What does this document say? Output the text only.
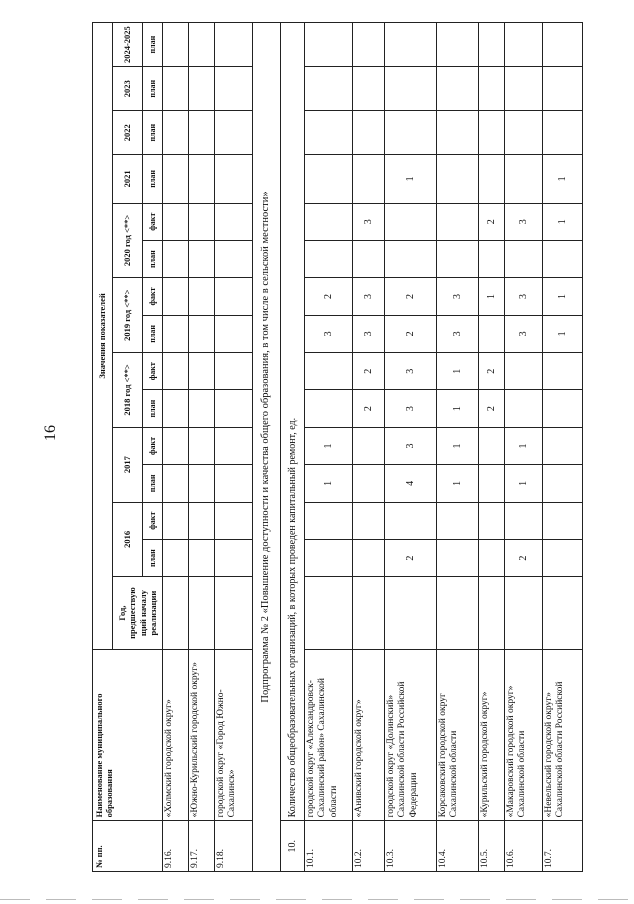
16
№ пп.	Наименование муниципального образования	Значения показателей														
		Год, предшествую щий началу реализации	2016		2017		2018 год <**>		2019 год <**>		2020 год <**>		2021	2022	2023	2024-2025
			план	факт	план	факт	план	факт	план	факт	план	факт	план	план	план	план
9.16.	«Холмский городской округ»															
9.17.	«Южно-Курильский городской округ»															
9.18.	городской округ «Город Южно-Сахалинск»															
Подпрограмма № 2 «Повышение доступности и качества общего образования, в том числе в сельской местности»																
10.	Количество общеобразовательных организаций, в которых проведен капитальный ремонт, ед.															
10.1.	городской округ «Александровск-Сахалинский район» Сахалинской области				1	1			3	2						
10.2.	«Анивский городской округ»						2	2	3	3		3				
10.3.	городской округ «Долинский» Сахалинской области Российской Федерации		2		4	3	3	3	2	2			1			
10.4.	Корсаковский городской округ Сахалинской области				1	1	1	1	3	3						
10.5.	«Курильский городской округ»						2	2		1		2				
10.6.	«Макаровский городской округ» Сахалинской области		2		1	1			3	3		3				
10.7.	«Невельский городской округ» Сахалинской области Российской								1	1		1	1			
